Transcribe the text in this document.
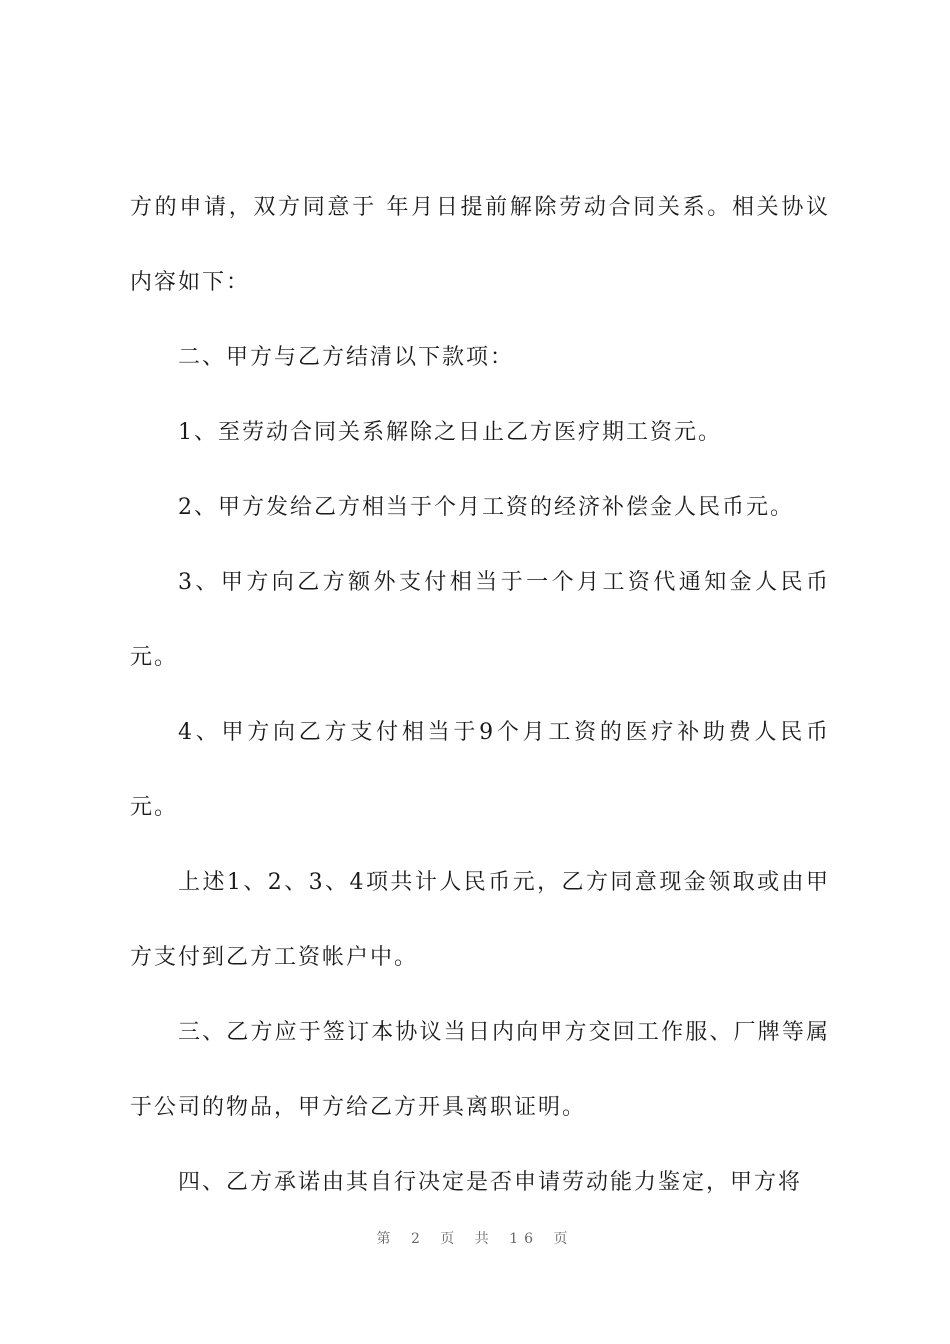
方的申请，双方同意于 年月日提前解除劳动合同关系。相关协议内容如下：

二、甲方与乙方结清以下款项：

1、至劳动合同关系解除之日止乙方医疗期工资元。

2、甲方发给乙方相当于个月工资的经济补偿金人民币元。

3、甲方向乙方额外支付相当于一个月工资代通知金人民币元。

4、甲方向乙方支付相当于9个月工资的医疗补助费人民币元。

上述1、2、3、4项共计人民币元，乙方同意现金领取或由甲方支付到乙方工资帐户中。

三、乙方应于签订本协议当日内向甲方交回工作服、厂牌等属于公司的物品，甲方给乙方开具离职证明。

四、乙方承诺由其自行决定是否申请劳动能力鉴定，甲方将

第 2 页 共 16 页
